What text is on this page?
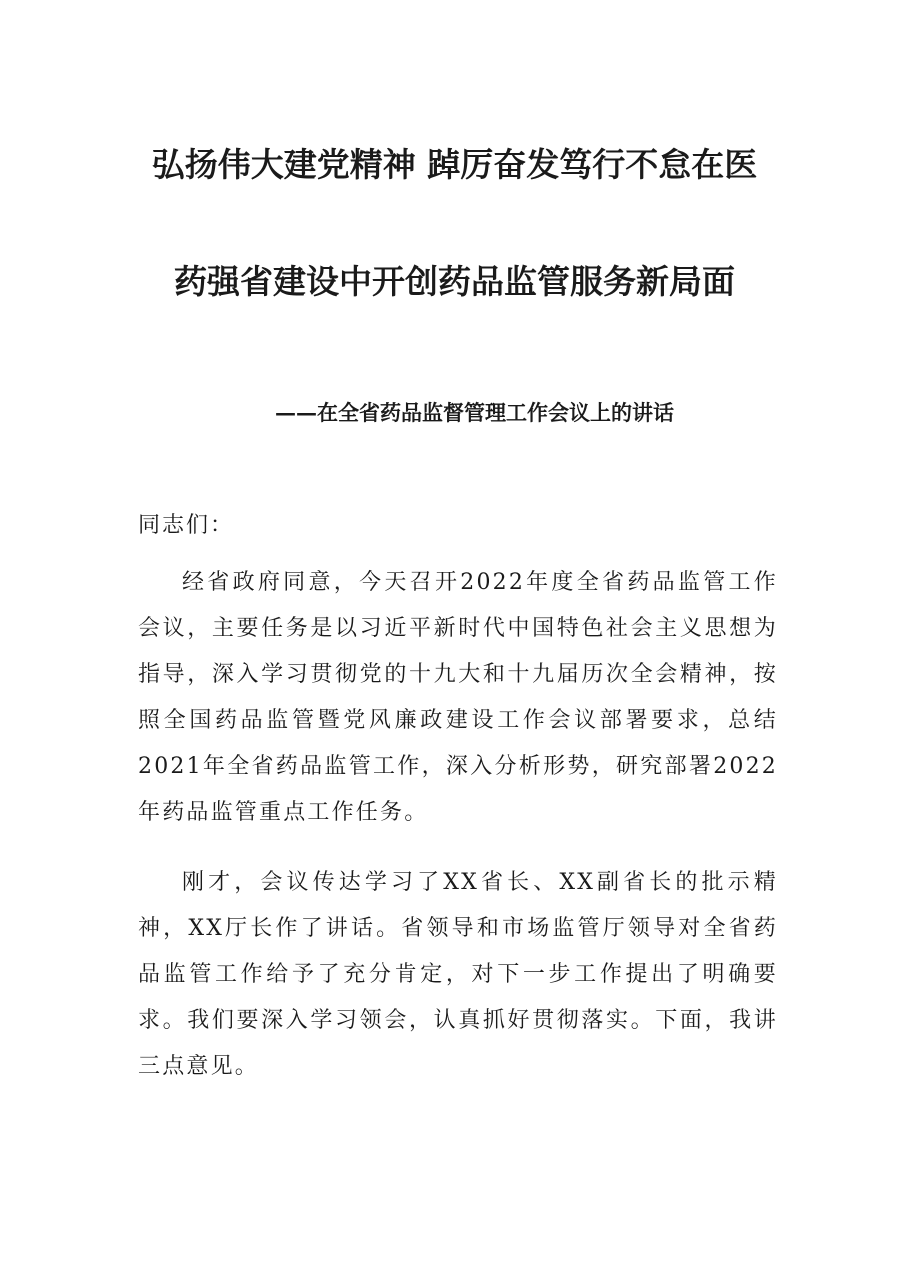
弘扬伟大建党精神 踔厉奋发笃行不怠在医
药强省建设中开创药品监管服务新局面
——在全省药品监督管理工作会议上的讲话
同志们：

经省政府同意，今天召开2022年度全省药品监管工作会议，主要任务是以习近平新时代中国特色社会主义思想为指导，深入学习贯彻党的十九大和十九届历次全会精神，按照全国药品监管暨党风廉政建设工作会议部署要求，总结2021年全省药品监管工作，深入分析形势，研究部署2022年药品监管重点工作任务。

刚才，会议传达学习了XX省长、XX副省长的批示精神，XX厅长作了讲话。省领导和市场监管厅领导对全省药品监管工作给予了充分肯定，对下一步工作提出了明确要求。我们要深入学习领会，认真抓好贯彻落实。下面，我讲三点意见。
